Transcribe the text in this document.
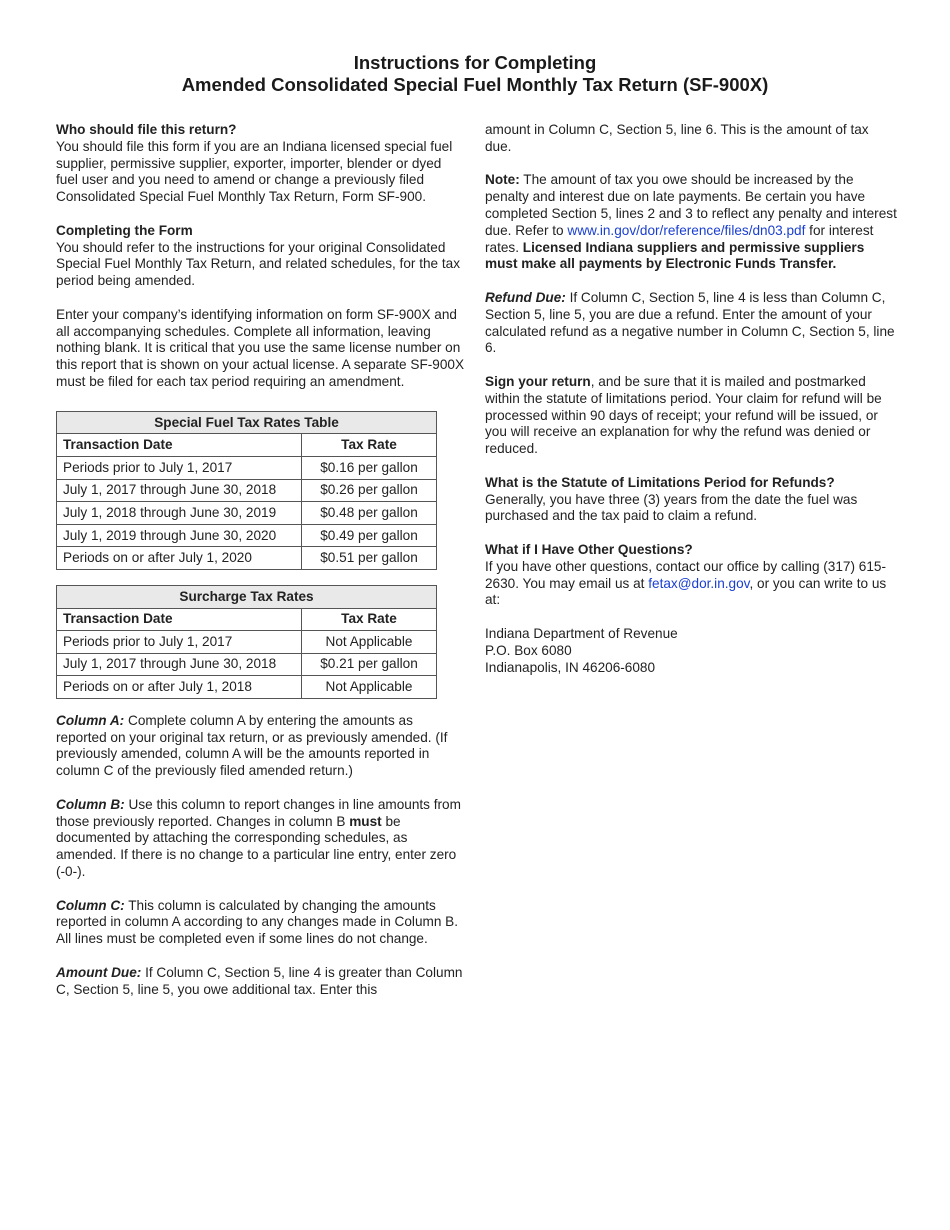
Instructions for Completing
Amended Consolidated Special Fuel Monthly Tax Return (SF-900X)
Who should file this return?

You should file this form if you are an Indiana licensed special fuel supplier, permissive supplier, exporter, importer, blender or dyed fuel user and you need to amend or change a previously filed Consolidated Special Fuel Monthly Tax Return, Form SF-900.

Completing the Form

You should refer to the instructions for your original Consolidated Special Fuel Monthly Tax Return, and related schedules, for the tax period being amended.

Enter your company’s identifying information on form SF-900X and all accompanying schedules. Complete all information, leaving nothing blank. It is critical that you use the same license number on this report that is shown on your actual license. A separate SF-900X must be filed for each tax period requiring an amendment.

Special Fuel Tax Rates Table	
Transaction Date	Tax Rate
Periods prior to July 1, 2017	$0.16 per gallon
July 1, 2017 through June 30, 2018	$0.26 per gallon
July 1, 2018 through June 30, 2019	$0.48 per gallon
July 1, 2019 through June 30, 2020	$0.49 per gallon
Periods on or after July 1, 2020	$0.51 per gallon
Surcharge Tax Rates	
Transaction Date	Tax Rate
Periods prior to July 1, 2017	Not Applicable
July 1, 2017 through June 30, 2018	$0.21 per gallon
Periods on or after July 1, 2018	Not Applicable

Column A: Complete column A by entering the amounts as reported on your original tax return, or as previously amended. (If previously amended, column A will be the amounts reported in column C of the previously filed amended return.)

Column B: Use this column to report changes in line amounts from those previously reported. Changes in column B must be documented by attaching the corresponding schedules, as amended. If there is no change to a particular line entry, enter zero (-0-).

Column C: This column is calculated by changing the amounts reported in column A according to any changes made in Column B. All lines must be completed even if some lines do not change.

Amount Due: If Column C, Section 5, line 4 is greater than Column C, Section 5, line 5, you owe additional tax. Enter this

amount in Column C, Section 5, line 6. This is the amount of tax due.

Note: The amount of tax you owe should be increased by the penalty and interest due on late payments. Be certain you have completed Section 5, lines 2 and 3 to reflect any penalty and interest due. Refer to www.in.gov/dor/reference/files/dn03.pdf for interest rates. Licensed Indiana suppliers and permissive suppliers must make all payments by Electronic Funds Transfer.

Refund Due: If Column C, Section 5, line 4 is less than Column C, Section 5, line 5, you are due a refund. Enter the amount of your calculated refund as a negative number in Column C, Section 5, line 6.

Sign your return, and be sure that it is mailed and postmarked within the statute of limitations period. Your claim for refund will be processed within 90 days of receipt; your refund will be issued, or you will receive an explanation for why the refund was denied or reduced.

What is the Statute of Limitations Period for Refunds?

Generally, you have three (3) years from the date the fuel was purchased and the tax paid to claim a refund.

What if I Have Other Questions?

If you have other questions, contact our office by calling (317) 615-2630. You may email us at fetax@dor.in.gov, or you can write to us at:

Indiana Department of Revenue
P.O. Box 6080
Indianapolis, IN 46206-6080
